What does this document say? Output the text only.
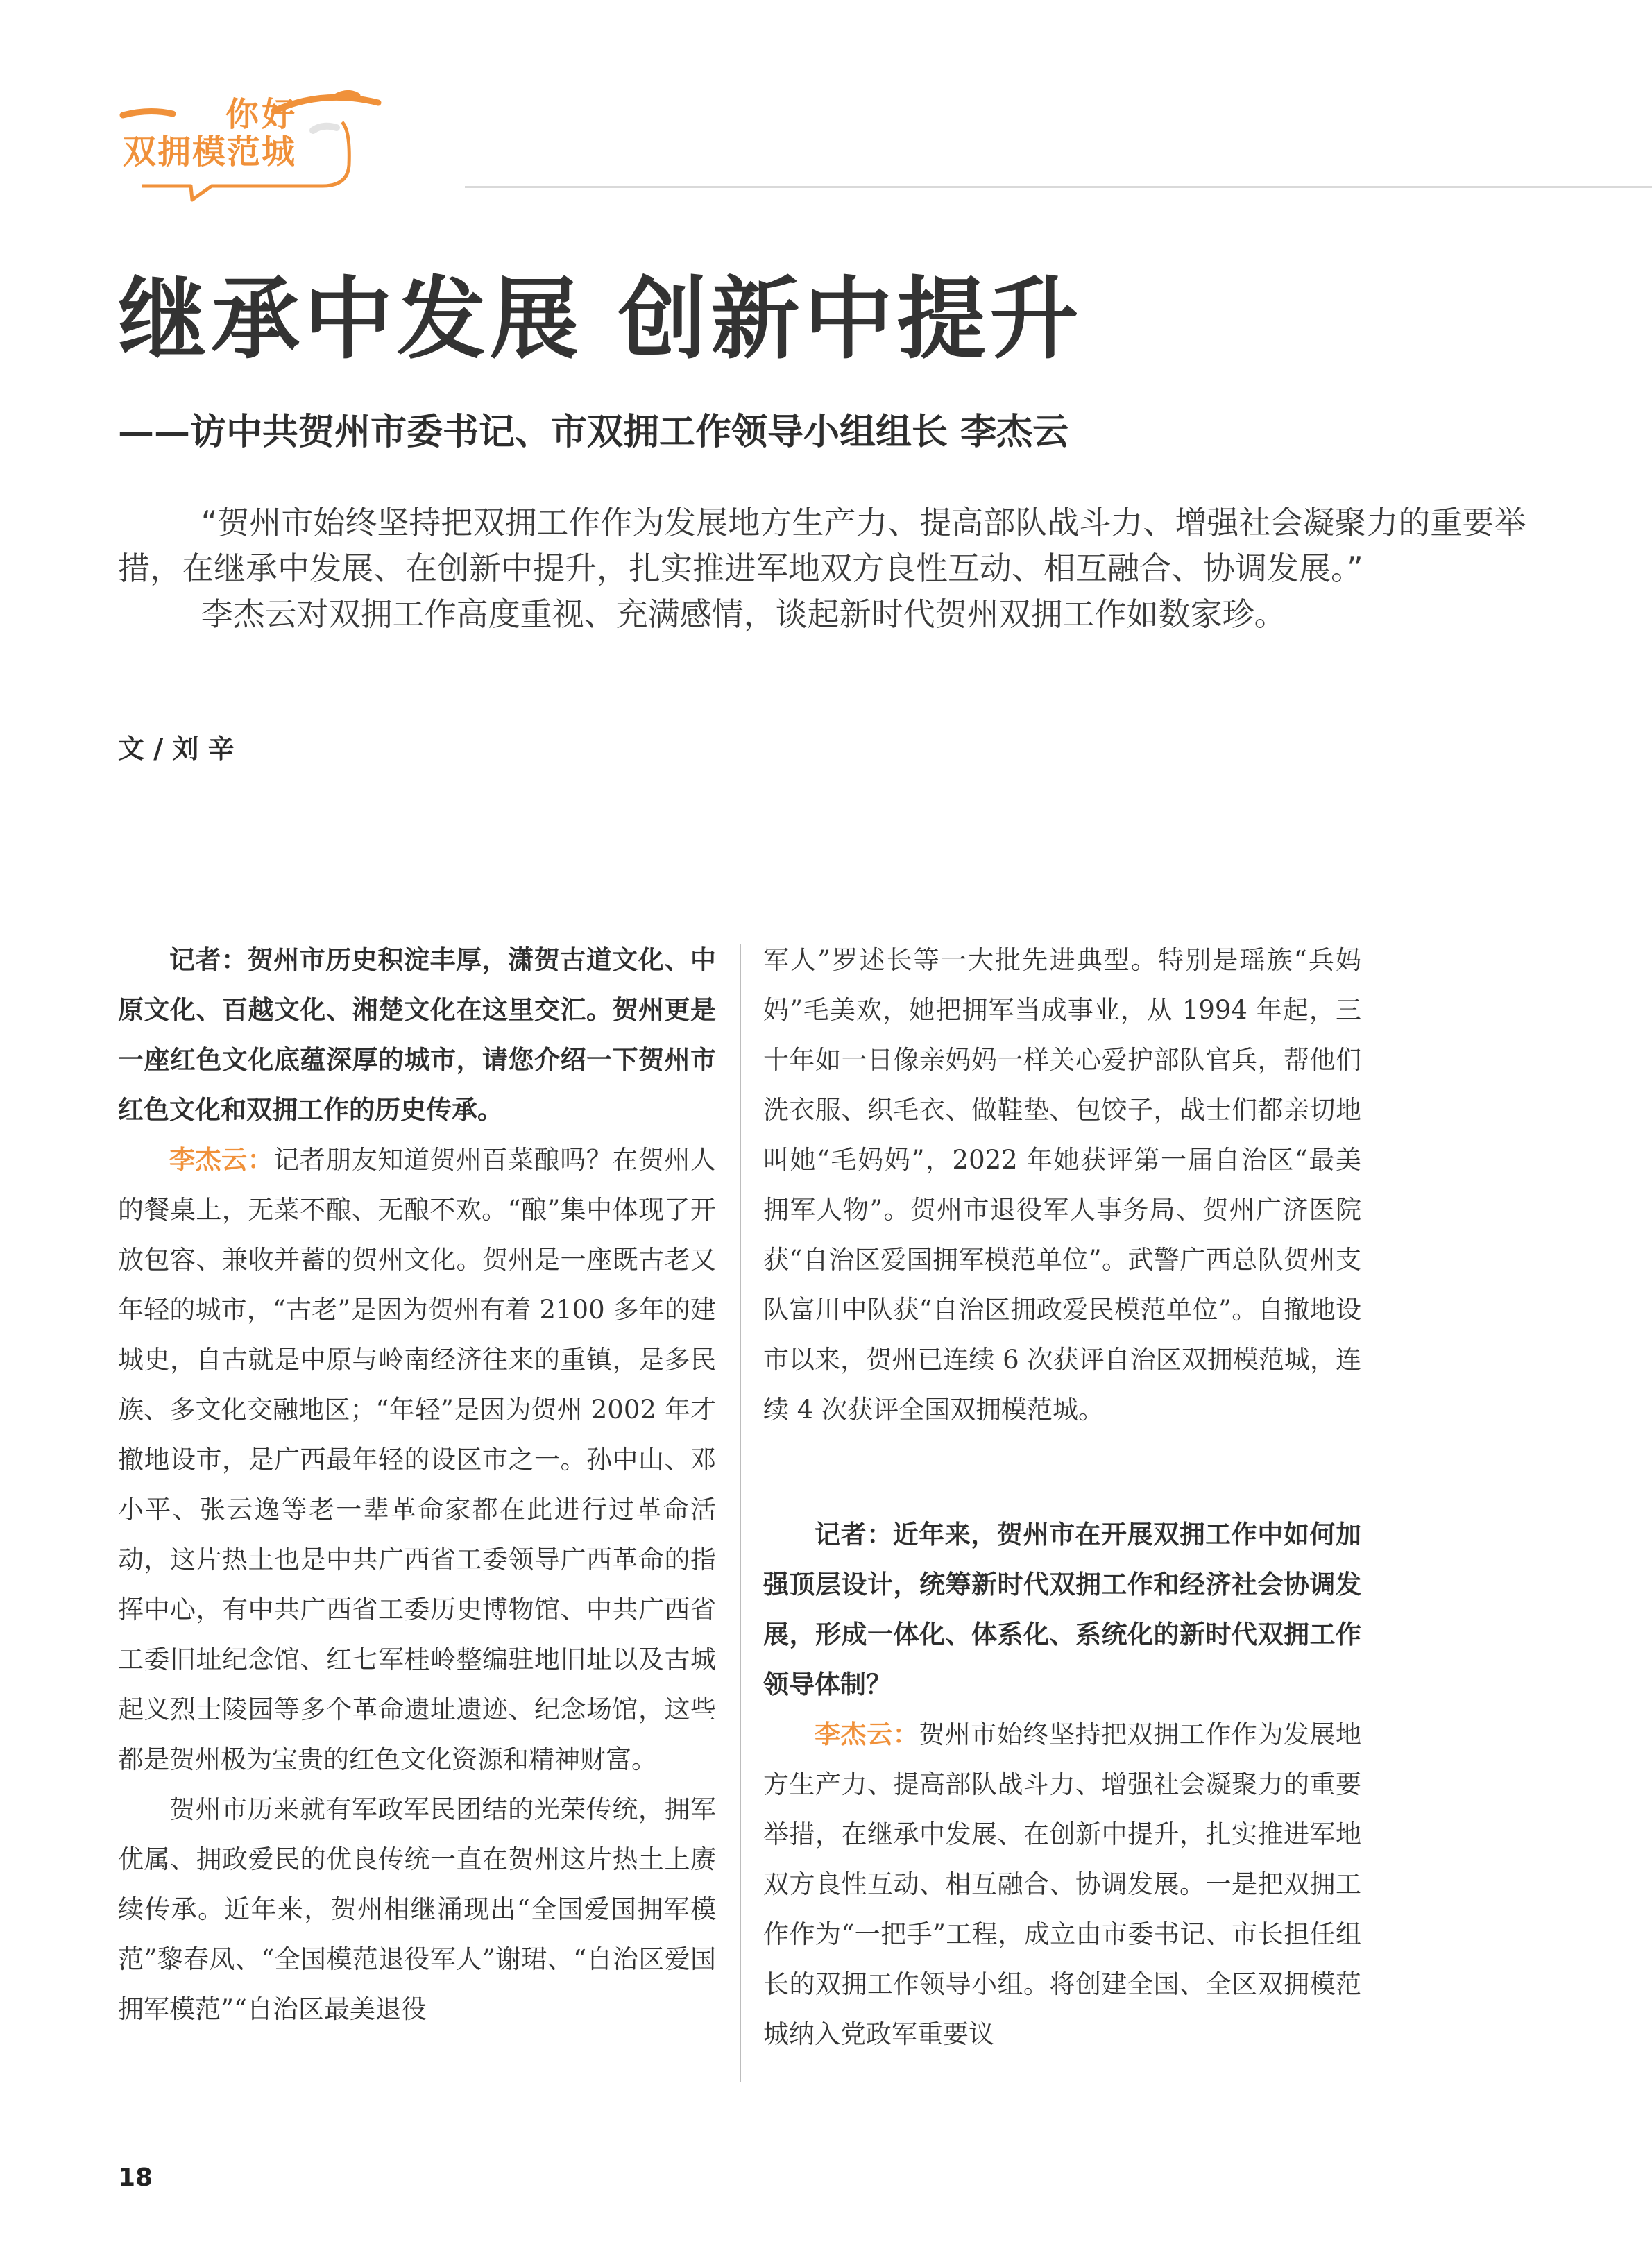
你好
双拥模范城
继承中发展 创新中提升
——访中共贺州市委书记、市双拥工作领导小组组长 李杰云

“贺州市始终坚持把双拥工作作为发展地方生产力、提高部队战斗力、增强社会凝聚力的重要举措，在继承中发展、在创新中提升，扎实推进军地双方良性互动、相互融合、协调发展。”

李杰云对双拥工作高度重视、充满感情，谈起新时代贺州双拥工作如数家珍。

文 / 刘 辛

记者：贺州市历史积淀丰厚，潇贺古道文化、中原文化、百越文化、湘楚文化在这里交汇。贺州更是一座红色文化底蕴深厚的城市，请您介绍一下贺州市红色文化和双拥工作的历史传承。

李杰云：记者朋友知道贺州百菜酿吗？在贺州人的餐桌上，无菜不酿、无酿不欢。“酿”集中体现了开放包容、兼收并蓄的贺州文化。贺州是一座既古老又年轻的城市，“古老”是因为贺州有着 2100 多年的建城史，自古就是中原与岭南经济往来的重镇，是多民族、多文化交融地区；“年轻”是因为贺州 2002 年才撤地设市，是广西最年轻的设区市之一。孙中山、邓小平、张云逸等老一辈革命家都在此进行过革命活动，这片热土也是中共广西省工委领导广西革命的指挥中心，有中共广西省工委历史博物馆、中共广西省工委旧址纪念馆、红七军桂岭整编驻地旧址以及古城起义烈士陵园等多个革命遗址遗迹、纪念场馆，这些都是贺州极为宝贵的红色文化资源和精神财富。

贺州市历来就有军政军民团结的光荣传统，拥军优属、拥政爱民的优良传统一直在贺州这片热土上赓续传承。近年来，贺州相继涌现出“全国爱国拥军模范”黎春凤、“全国模范退役军人”谢珺、“自治区爱国拥军模范”“自治区最美退役

军人”罗述长等一大批先进典型。特别是瑶族“兵妈妈”毛美欢，她把拥军当成事业，从 1994 年起，三十年如一日像亲妈妈一样关心爱护部队官兵，帮他们洗衣服、织毛衣、做鞋垫、包饺子，战士们都亲切地叫她“毛妈妈”，2022 年她获评第一届自治区“最美拥军人物”。贺州市退役军人事务局、贺州广济医院获“自治区爱国拥军模范单位”。武警广西总队贺州支队富川中队获“自治区拥政爱民模范单位”。自撤地设市以来，贺州已连续 6 次获评自治区双拥模范城，连续 4 次获评全国双拥模范城。

记者：近年来，贺州市在开展双拥工作中如何加强顶层设计，统筹新时代双拥工作和经济社会协调发展，形成一体化、体系化、系统化的新时代双拥工作领导体制？

李杰云：贺州市始终坚持把双拥工作作为发展地方生产力、提高部队战斗力、增强社会凝聚力的重要举措，在继承中发展、在创新中提升，扎实推进军地双方良性互动、相互融合、协调发展。一是把双拥工作作为“一把手”工程，成立由市委书记、市长担任组长的双拥工作领导小组。将创建全国、全区双拥模范城纳入党政军重要议

18
